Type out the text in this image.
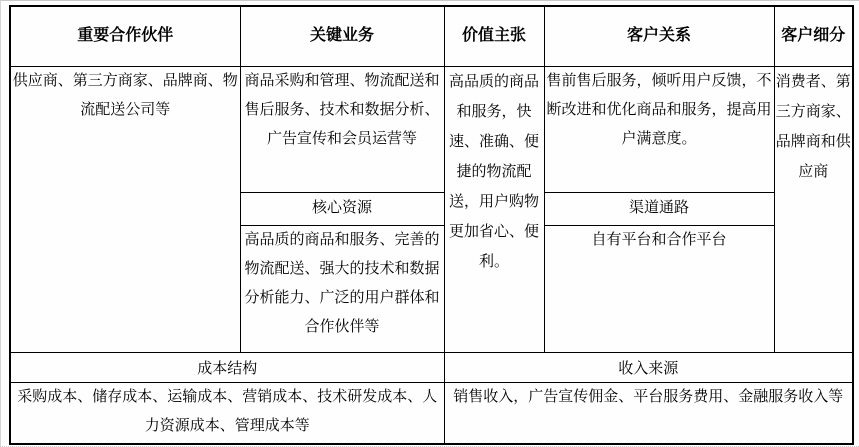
重要合作伙伴	关键业务	价值主张	客户关系	客户细分
供应商、第三方商家、品牌商、物流配送公司等	商品采购和管理、物流配送和售后服务、技术和数据分析、广告宣传和会员运营等	高品质的商品和服务，快速、准确、便捷的物流配送，用户购物更加省心、便利。	售前售后服务，倾听用户反馈，不断改进和优化商品和服务，提高用户满意度。	消费者、第三方商家、品牌商和供应商
	核心资源		渠道通路	
	高品质的商品和服务、完善的物流配送、强大的技术和数据分析能力、广泛的用户群体和合作伙伴等		自有平台和合作平台	
成本结构		收入来源		
采购成本、储存成本、运输成本、营销成本、技术研发成本、人力资源成本、管理成本等		销售收入，广告宣传佣金、平台服务费用、金融服务收入等		
